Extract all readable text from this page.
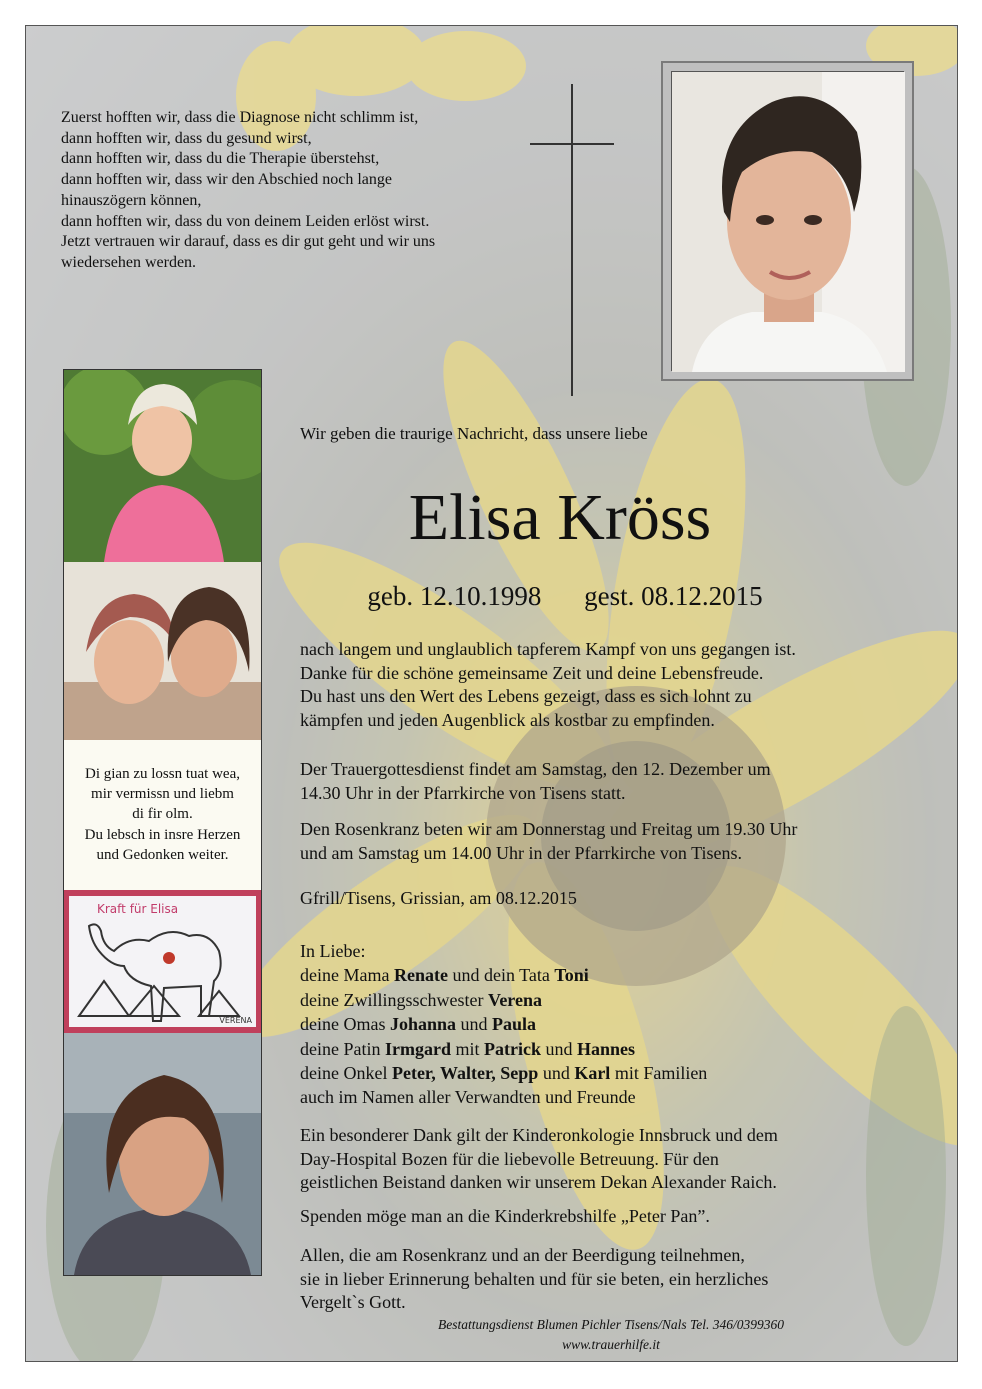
Zuerst hofften wir, dass die Diagnose nicht schlimm ist,
dann hofften wir, dass du gesund wirst,
dann hofften wir, dass du die Therapie überstehst,
dann hofften wir, dass wir den Abschied noch lange
hinauszögern können,
dann hofften wir, dass du von deinem Leiden erlöst wirst.
Jetzt vertrauen wir darauf, dass es dir gut geht und wir uns
wiedersehen werden.
Di gian zu lossn tuat wea,
mir vermissn und liebm
di fir olm.
Du lebsch in insre Herzen
und Gedonken weiter.
Kraft für Elisa
VERENA
Wir geben die traurige Nachricht, dass unsere liebe
Elisa Kröss
geb. 12.10.1998 gest. 08.12.2015
nach langem und unglaublich tapferem Kampf von uns gegangen ist.
Danke für die schöne gemeinsame Zeit und deine Lebensfreude.
Du hast uns den Wert des Lebens gezeigt, dass es sich lohnt zu
kämpfen und jeden Augenblick als kostbar zu empfinden.
Der Trauergottesdienst findet am Samstag, den 12. Dezember um
14.30 Uhr in der Pfarrkirche von Tisens statt.
Den Rosenkranz beten wir am Donnerstag und Freitag um 19.30 Uhr
und am Samstag um 14.00 Uhr in der Pfarrkirche von Tisens.
Gfrill/Tisens, Grissian, am 08.12.2015
In Liebe:
deine Mama Renate und dein Tata Toni
deine Zwillingsschwester Verena
deine Omas Johanna und Paula
deine Patin Irmgard mit Patrick und Hannes
deine Onkel Peter, Walter, Sepp und Karl mit Familien
auch im Namen aller Verwandten und Freunde
Ein besonderer Dank gilt der Kinderonkologie Innsbruck und dem
Day-Hospital Bozen für die liebevolle Betreuung. Für den
geistlichen Beistand danken wir unserem Dekan Alexander Raich.
Spenden möge man an die Kinderkrebshilfe „Peter Pan”.
Allen, die am Rosenkranz und an der Beerdigung teilnehmen,
sie in lieber Erinnerung behalten und für sie beten, ein herzliches
Vergelt`s Gott.
Bestattungsdienst Blumen Pichler Tisens/Nals Tel. 346/0399360
www.trauerhilfe.it
